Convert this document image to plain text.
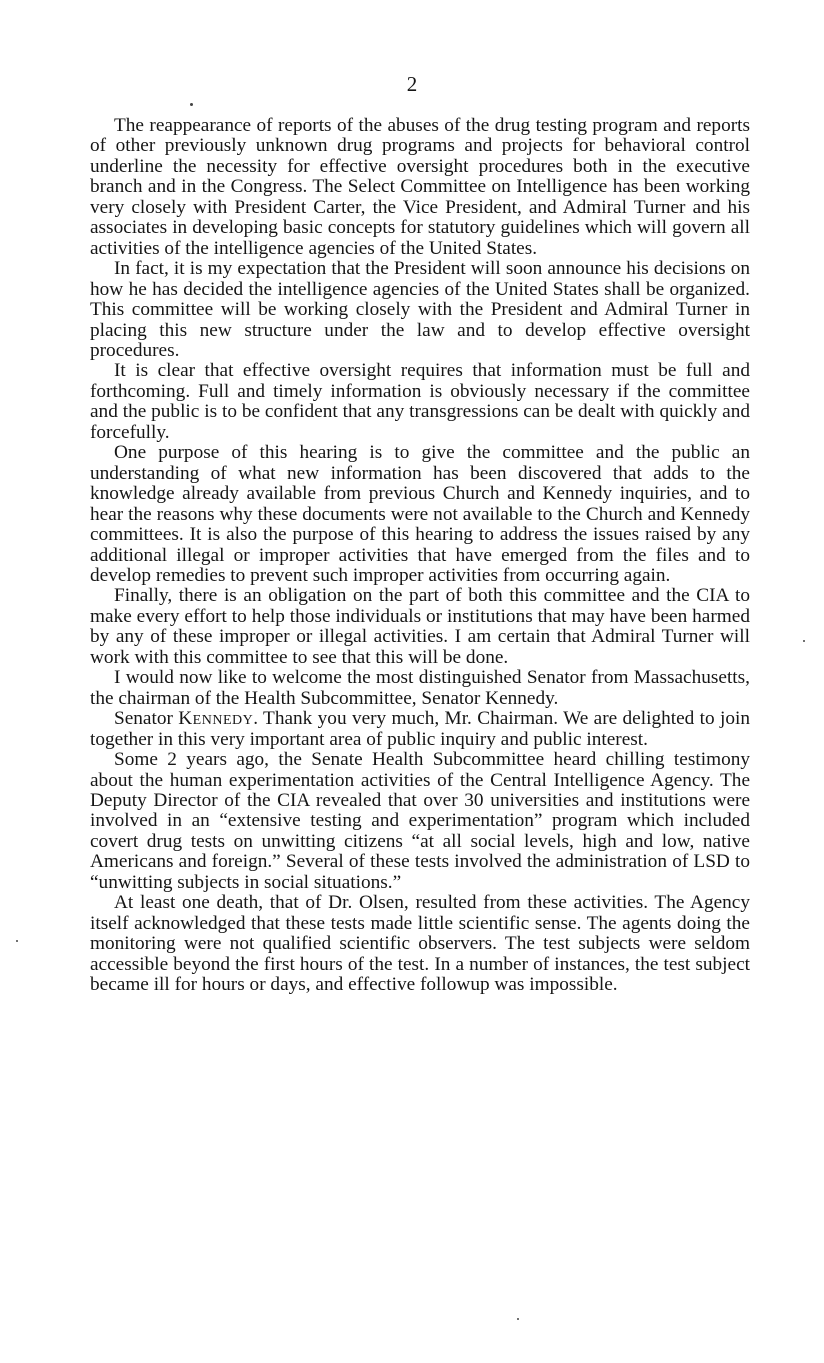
2

The reappearance of reports of the abuses of the drug testing program and reports of other previously unknown drug programs and projects for behavioral control underline the necessity for effective oversight procedures both in the executive branch and in the Congress. The Select Committee on Intelligence has been working very closely with President Carter, the Vice President, and Admiral Turner and his associates in developing basic concepts for statutory guidelines which will govern all activities of the intelligence agencies of the United States.

In fact, it is my expectation that the President will soon announce his decisions on how he has decided the intelligence agencies of the United States shall be organized. This committee will be working closely with the President and Admiral Turner in placing this new structure under the law and to develop effective oversight procedures.

It is clear that effective oversight requires that information must be full and forthcoming. Full and timely information is obviously necessary if the committee and the public is to be confident that any transgressions can be dealt with quickly and forcefully.

One purpose of this hearing is to give the committee and the public an understanding of what new information has been discovered that adds to the knowledge already available from previous Church and Kennedy inquiries, and to hear the reasons why these documents were not available to the Church and Kennedy committees. It is also the purpose of this hearing to address the issues raised by any additional illegal or improper activities that have emerged from the files and to develop remedies to prevent such improper activities from occurring again.

Finally, there is an obligation on the part of both this committee and the CIA to make every effort to help those individuals or institutions that may have been harmed by any of these improper or illegal activities. I am certain that Admiral Turner will work with this committee to see that this will be done.

I would now like to welcome the most distinguished Senator from Massachusetts, the chairman of the Health Subcommittee, Senator Kennedy.

Senator Kennedy. Thank you very much, Mr. Chairman. We are delighted to join together in this very important area of public inquiry and public interest.

Some 2 years ago, the Senate Health Subcommittee heard chilling testimony about the human experimentation activities of the Central Intelligence Agency. The Deputy Director of the CIA revealed that over 30 universities and institutions were involved in an “extensive testing and experimentation” program which included covert drug tests on unwitting citizens “at all social levels, high and low, native Americans and foreign.” Several of these tests involved the administration of LSD to “unwitting subjects in social situations.”

At least one death, that of Dr. Olsen, resulted from these activities. The Agency itself acknowledged that these tests made little scientific sense. The agents doing the monitoring were not qualified scientific observers. The test subjects were seldom accessible beyond the first hours of the test. In a number of instances, the test subject became ill for hours or days, and effective followup was impossible.
